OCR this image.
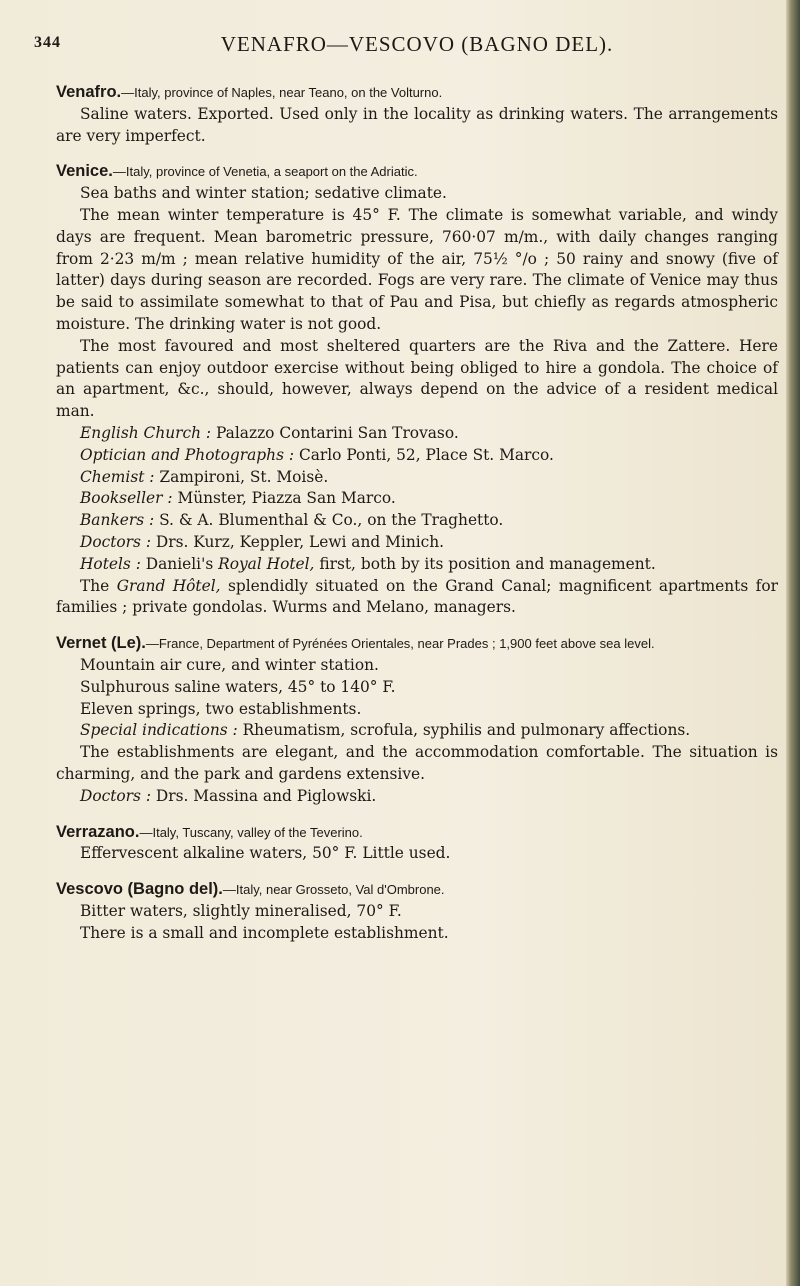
344	VENAFRO—VESCOVO (BAGNO DEL).

Venafro.—Italy, province of Naples, near Teano, on the Volturno.

Saline waters. Exported. Used only in the locality as drinking waters. The arrangements are very imperfect.

Venice.—Italy, province of Venetia, a seaport on the Adriatic.

Sea baths and winter station; sedative climate.

The mean winter temperature is 45° F. The climate is somewhat variable, and windy days are frequent. Mean barometric pressure, 760·07 m/m., with daily changes ranging from 2·23 m/m ; mean relative humidity of the air, 75½ °/o ; 50 rainy and snowy (five of latter) days during season are recorded. Fogs are very rare. The climate of Venice may thus be said to assimilate somewhat to that of Pau and Pisa, but chiefly as regards atmospheric moisture. The drinking water is not good.

The most favoured and most sheltered quarters are the Riva and the Zattere. Here patients can enjoy outdoor exercise without being obliged to hire a gondola. The choice of an apartment, &c., should, however, always depend on the advice of a resident medical man.

English Church : Palazzo Contarini San Trovaso.

Optician and Photographs : Carlo Ponti, 52, Place St. Marco.

Chemist : Zampironi, St. Moisè.

Bookseller : Münster, Piazza San Marco.

Bankers : S. & A. Blumenthal & Co., on the Traghetto.

Doctors : Drs. Kurz, Keppler, Lewi and Minich.

Hotels : Danieli's Royal Hotel, first, both by its position and management.

The Grand Hôtel, splendidly situated on the Grand Canal; magnificent apartments for families ; private gondolas. Wurms and Melano, managers.

Vernet (Le).—France, Department of Pyrénées Orientales, near Prades ; 1,900 feet above sea level.

Mountain air cure, and winter station.

Sulphurous saline waters, 45° to 140° F.

Eleven springs, two establishments.

Special indications : Rheumatism, scrofula, syphilis and pulmonary affections.

The establishments are elegant, and the accommodation comfortable. The situation is charming, and the park and gardens extensive.

Doctors : Drs. Massina and Piglowski.

Verrazano.—Italy, Tuscany, valley of the Teverino.

Effervescent alkaline waters, 50° F. Little used.

Vescovo (Bagno del).—Italy, near Grosseto, Val d'Ombrone.

Bitter waters, slightly mineralised, 70° F.

There is a small and incomplete establishment.
